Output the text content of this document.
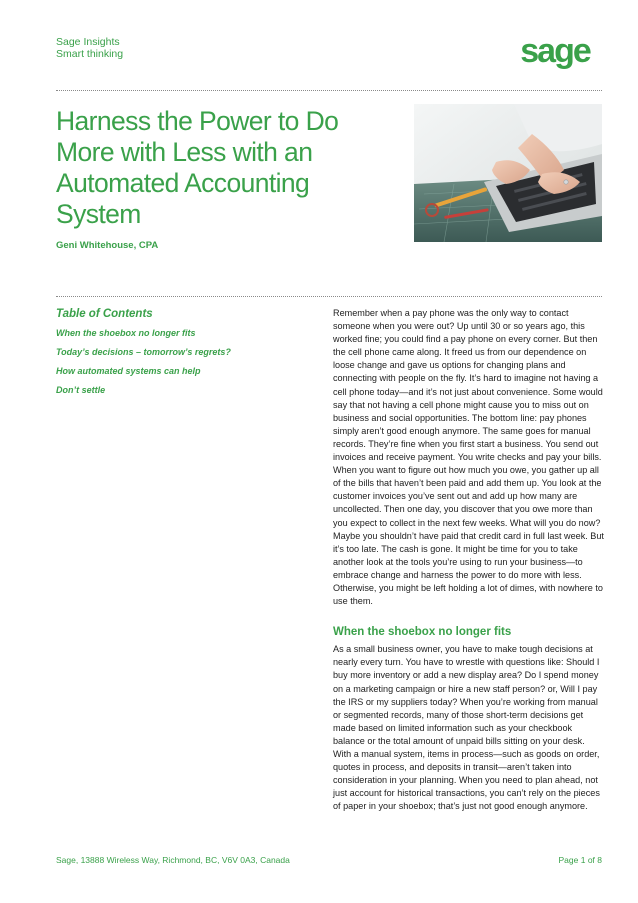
Sage Insights
Smart thinking	sage
Harness the Power to Do More with Less with an Automated Accounting System
Geni Whitehouse, CPA
Table of Contents
When the shoebox no longer fits
Today’s decisions – tomorrow’s regrets?
How automated systems can help
Don’t settle

Remember when a pay phone was the only way to contact someone when you were out? Up until 30 or so years ago, this worked fine; you could find a pay phone on every corner. But then the cell phone came along. It freed us from our dependence on loose change and gave us options for changing plans and connecting with people on the fly. It’s hard to imagine not having a cell phone today—and it’s not just about convenience. Some would say that not having a cell phone might cause you to miss out on business and social opportunities. The bottom line: pay phones simply aren’t good enough anymore. The same goes for manual records. They’re fine when you first start a business. You send out invoices and receive payment. You write checks and pay your bills. When you want to figure out how much you owe, you gather up all of the bills that haven’t been paid and add them up. You look at the customer invoices you’ve sent out and add up how many are uncollected. Then one day, you discover that you owe more than you expect to collect in the next few weeks. What will you do now? Maybe you shouldn’t have paid that credit card in full last week. But it’s too late. The cash is gone. It might be time for you to take another look at the tools you’re using to run your business—to embrace change and harness the power to do more with less. Otherwise, you might be left holding a lot of dimes, with nowhere to use them.

When the shoebox no longer fits

As a small business owner, you have to make tough decisions at nearly every turn. You have to wrestle with questions like: Should I buy more inventory or add a new display area? Do I spend money on a marketing campaign or hire a new staff person? or, Will I pay the IRS or my suppliers today? When you’re working from manual or segmented records, many of those short-term decisions get made based on limited information such as your checkbook balance or the total amount of unpaid bills sitting on your desk. With a manual system, items in process—such as goods on order, quotes in process, and deposits in transit—aren’t taken into consideration in your planning. When you need to plan ahead, not just account for historical transactions, you can’t rely on the pieces of paper in your shoebox; that’s just not good enough anymore.

Sage, 13888 Wireless Way, Richmond, BC, V6V 0A3, Canada	Page 1 of 8
